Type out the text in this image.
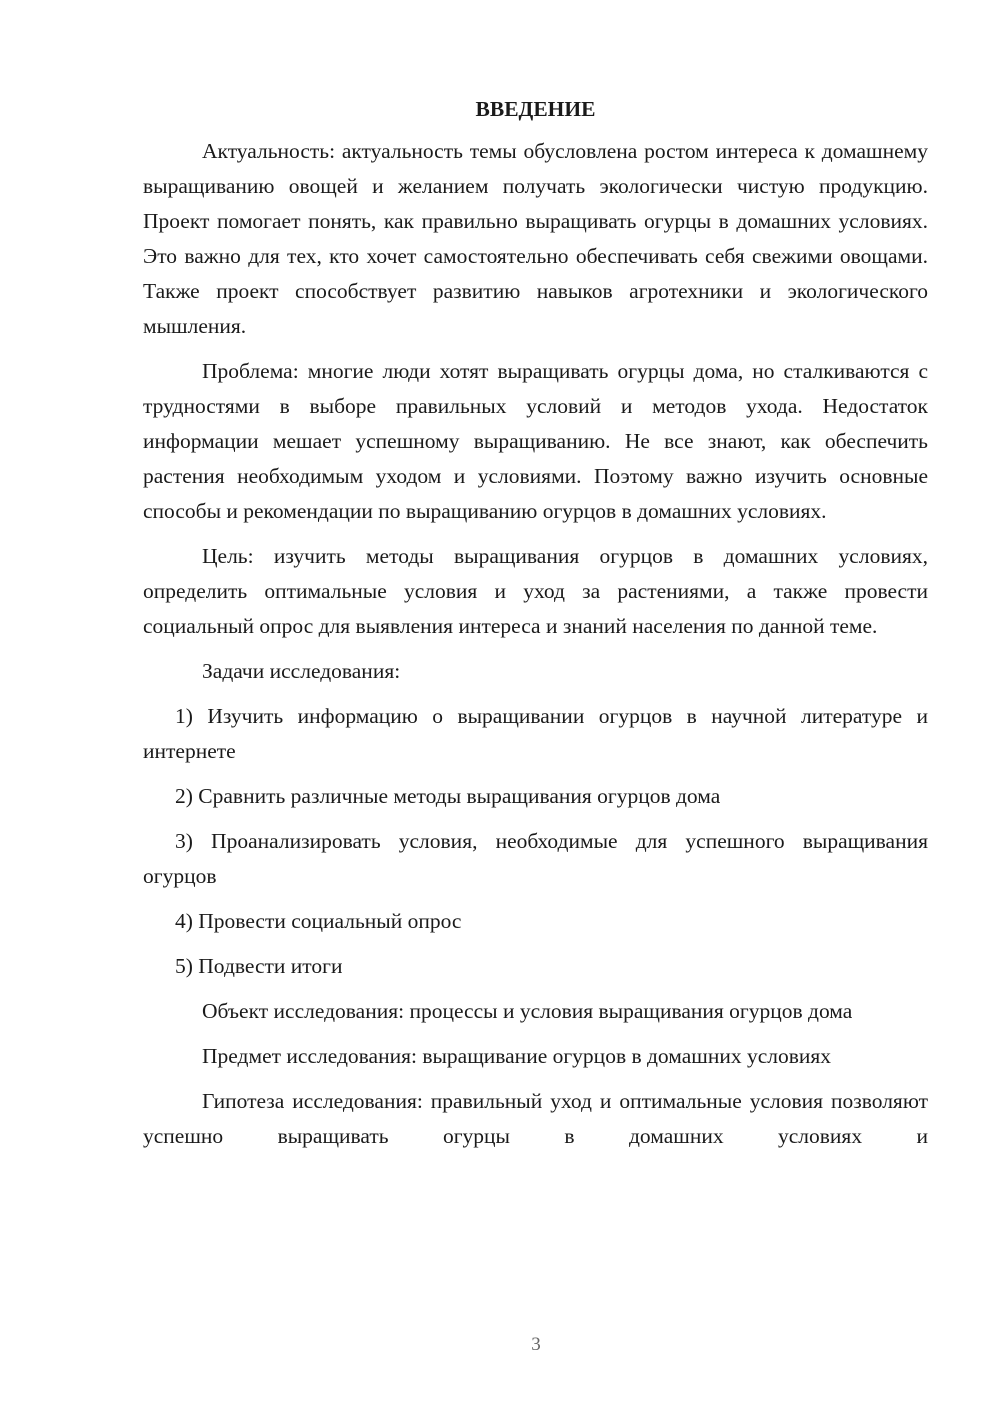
ВВЕДЕНИЕ

Актуальность: актуальность темы обусловлена ростом интереса к домашнему выращиванию овощей и желанием получать экологически чистую продукцию. Проект помогает понять, как правильно выращивать огурцы в домашних условиях. Это важно для тех, кто хочет самостоятельно обеспечивать себя свежими овощами. Также проект способствует развитию навыков агротехники и экологического мышления.

Проблема: многие люди хотят выращивать огурцы дома, но сталкиваются с трудностями в выборе правильных условий и методов ухода. Недостаток информации мешает успешному выращиванию. Не все знают, как обеспечить растения необходимым уходом и условиями. Поэтому важно изучить основные способы и рекомендации по выращиванию огурцов в домашних условиях.

Цель: изучить методы выращивания огурцов в домашних условиях, определить оптимальные условия и уход за растениями, а также провести социальный опрос для выявления интереса и знаний населения по данной теме.

Задачи исследования:

1) Изучить информацию о выращивании огурцов в научной литературе и интернете

2) Сравнить различные методы выращивания огурцов дома

3) Проанализировать условия, необходимые для успешного выращивания огурцов

4) Провести социальный опрос

5) Подвести итоги

Объект исследования: процессы и условия выращивания огурцов дома

Предмет исследования: выращивание огурцов в домашних условиях

Гипотеза исследования: правильный уход и оптимальные условия позволяют успешно выращивать огурцы в домашних условиях и

3
